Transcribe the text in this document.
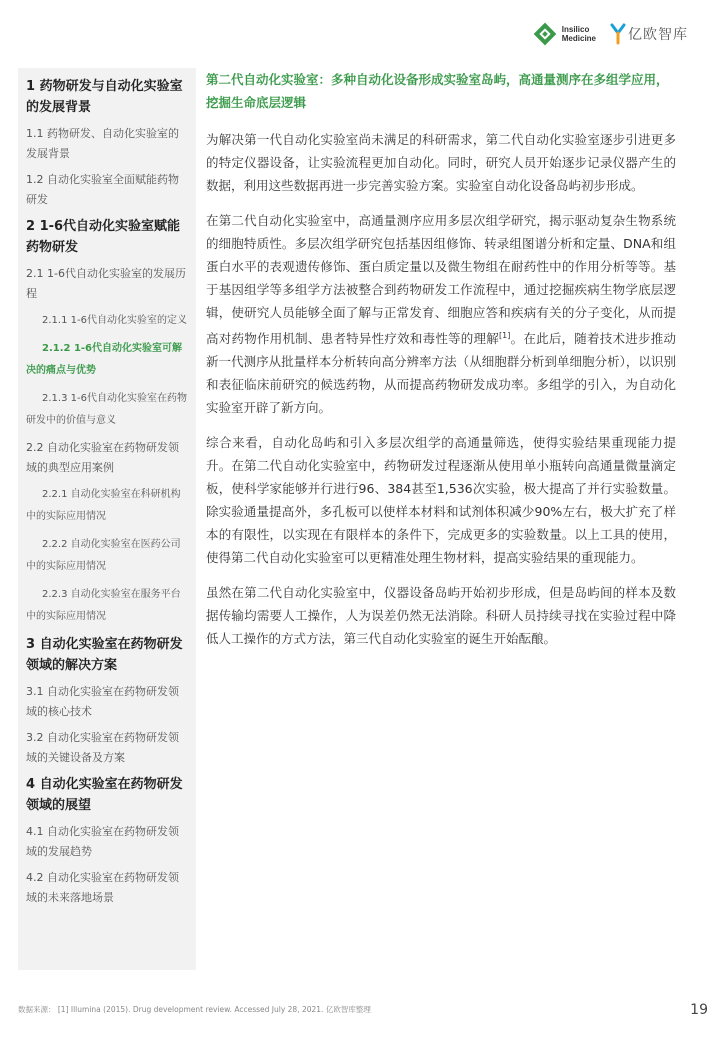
Insilico
Medicine 亿欧智库
1 药物研发与自动化实验室的发展背景
1.1 药物研发、自动化实验室的发展背景
1.2 自动化实验室全面赋能药物研发
2 1-6代自动化实验室赋能药物研发
2.1 1-6代自动化实验室的发展历程
2.1.1 1-6代自动化实验室的定义
2.1.2 1-6代自动化实验室可解决的痛点与优势
2.1.3 1-6代自动化实验室在药物研发中的价值与意义
2.2 自动化实验室在药物研发领域的典型应用案例
2.2.1 自动化实验室在科研机构中的实际应用情况
2.2.2 自动化实验室在医药公司中的实际应用情况
2.2.3 自动化实验室在服务平台中的实际应用情况
3 自动化实验室在药物研发领域的解决方案
3.1 自动化实验室在药物研发领域的核心技术
3.2 自动化实验室在药物研发领域的关键设备及方案
4 自动化实验室在药物研发领域的展望
4.1 自动化实验室在药物研发领域的发展趋势
4.2 自动化实验室在药物研发领域的未来落地场景
第二代自动化实验室：多种自动化设备形成实验室岛屿，高通量测序在多组学应用，挖掘生命底层逻辑

为解决第一代自动化实验室尚未满足的科研需求，第二代自动化实验室逐步引进更多的特定仪器设备，让实验流程更加自动化。同时，研究人员开始逐步记录仪器产生的数据，利用这些数据再进一步完善实验方案。实验室自动化设备岛屿初步形成。

在第二代自动化实验室中，高通量测序应用多层次组学研究，揭示驱动复杂生物系统的细胞特质性。多层次组学研究包括基因组修饰、转录组图谱分析和定量、DNA和组蛋白水平的表观遗传修饰、蛋白质定量以及微生物组在耐药性中的作用分析等等。基于基因组学等多组学方法被整合到药物研发工作流程中，通过挖掘疾病生物学底层逻辑，使研究人员能够全面了解与正常发育、细胞应答和疾病有关的分子变化，从而提高对药物作用机制、患者特异性疗效和毒性等的理解[1]。在此后，随着技术进步推动新一代测序从批量样本分析转向高分辨率方法（从细胞群分析到单细胞分析），以识别和表征临床前研究的候选药物，从而提高药物研发成功率。多组学的引入，为自动化实验室开辟了新方向。

综合来看，自动化岛屿和引入多层次组学的高通量筛选，使得实验结果重现能力提升。在第二代自动化实验室中，药物研发过程逐渐从使用单小瓶转向高通量微量滴定板，使科学家能够并行进行96、384甚至1,536次实验，极大提高了并行实验数量。除实验通量提高外，多孔板可以使样本材料和试剂体积减少90%左右，极大扩充了样本的有限性，以实现在有限样本的条件下，完成更多的实验数量。以上工具的使用，使得第二代自动化实验室可以更精准处理生物材料，提高实验结果的重现能力。

虽然在第二代自动化实验室中，仪器设备岛屿开始初步形成，但是岛屿间的样本及数据传输均需要人工操作，人为误差仍然无法消除。科研人员持续寻找在实验过程中降低人工操作的方式方法，第三代自动化实验室的诞生开始酝酿。

数据来源： [1] Illumina (2015). Drug development review. Accessed July 28, 2021. 亿欧智库整理	19
